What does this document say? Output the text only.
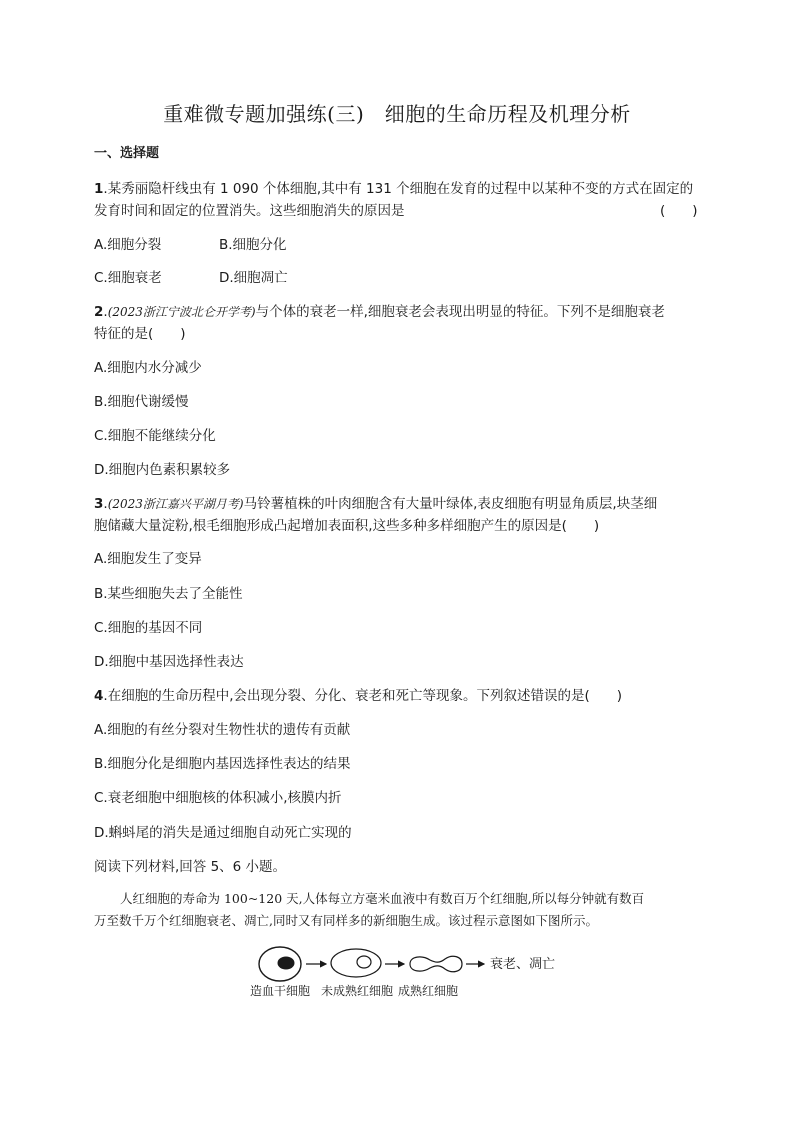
重难微专题加强练(三)　细胞的生命历程及机理分析
一、选择题
1.某秀丽隐杆线虫有 1 090 个体细胞,其中有 131 个细胞在发育的过程中以某种不变的方式在固定的
发育时间和固定的位置消失。这些细胞消失的原因是	(　　)
A.细胞分裂	B.细胞分化
C.细胞衰老	D.细胞凋亡
2.(2023浙江宁波北仑开学考)与个体的衰老一样,细胞衰老会表现出明显的特征。下列不是细胞衰老
特征的是(　　)
A.细胞内水分减少
B.细胞代谢缓慢
C.细胞不能继续分化
D.细胞内色素积累较多
3.(2023浙江嘉兴平湖月考)马铃薯植株的叶肉细胞含有大量叶绿体,表皮细胞有明显角质层,块茎细
胞储藏大量淀粉,根毛细胞形成凸起增加表面积,这些多种多样细胞产生的原因是(　　)
A.细胞发生了变异
B.某些细胞失去了全能性
C.细胞的基因不同
D.细胞中基因选择性表达
4.在细胞的生命历程中,会出现分裂、分化、衰老和死亡等现象。下列叙述错误的是(　　)
A.细胞的有丝分裂对生物性状的遗传有贡献
B.细胞分化是细胞内基因选择性表达的结果
C.衰老细胞中细胞核的体积减小,核膜内折
D.蝌蚪尾的消失是通过细胞自动死亡实现的
阅读下列材料,回答 5、6 小题。
人红细胞的寿命为 100~120 天,人体每立方毫米血液中有数百万个红细胞,所以每分钟就有数百
万至数千万个红细胞衰老、凋亡,同时又有同样多的新细胞生成。该过程示意图如下图所示。
衰老、凋亡
造血干细胞 未成熟红细胞 成熟红细胞
